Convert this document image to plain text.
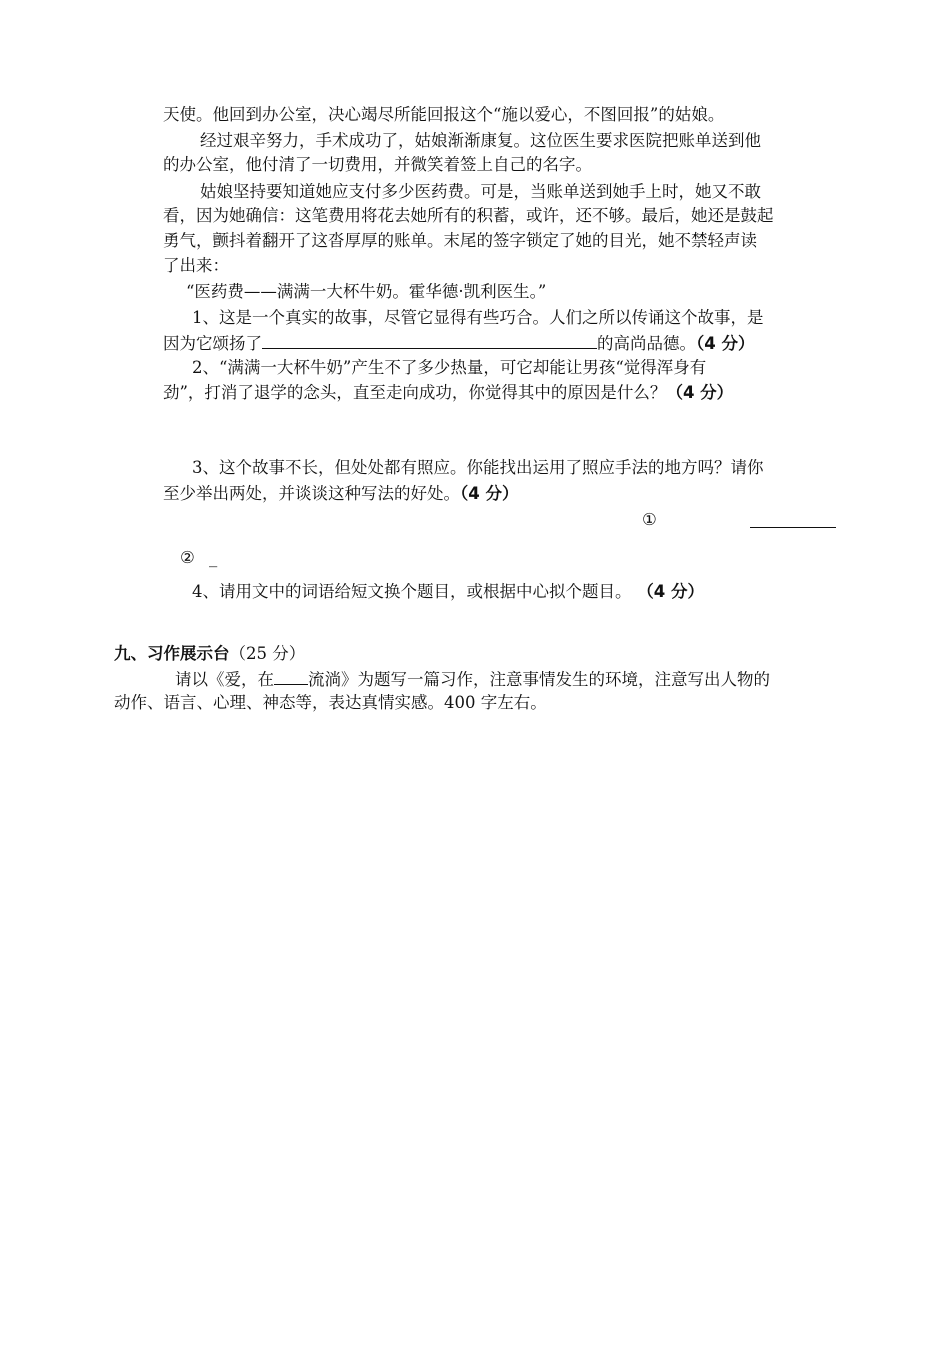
天使。他回到办公室，决心竭尽所能回报这个“施以爱心，不图回报”的姑娘。
经过艰辛努力，手术成功了，姑娘渐渐康复。这位医生要求医院把账单送到他
的办公室，他付清了一切费用，并微笑着签上自己的名字。
姑娘坚持要知道她应支付多少医药费。可是，当账单送到她手上时，她又不敢
看，因为她确信：这笔费用将花去她所有的积蓄，或许，还不够。最后，她还是鼓起
勇气，颤抖着翻开了这沓厚厚的账单。末尾的签字锁定了她的目光，她不禁轻声读
了出来：
“医药费——满满一大杯牛奶。霍华德·凯利医生。”
1、这是一个真实的故事，尽管它显得有些巧合。人们之所以传诵这个故事，是
因为它颂扬了	的高尚品德。（4 分）
2、“满满一大杯牛奶”产生不了多少热量，可它却能让男孩“觉得浑身有
劲”，打消了退学的念头，直至走向成功，你觉得其中的原因是什么？（4 分）
3、这个故事不长，但处处都有照应。你能找出运用了照应手法的地方吗？请你
至少举出两处，并谈谈这种写法的好处。（4 分）
①
② _
4、请用文中的词语给短文换个题目，或根据中心拟个题目。 （4 分）
九、习作展示台（25 分）
请以《爱，在 流淌》为题写一篇习作，注意事情发生的环境，注意写出人物的
动作、语言、心理、神态等，表达真情实感。400 字左右。
